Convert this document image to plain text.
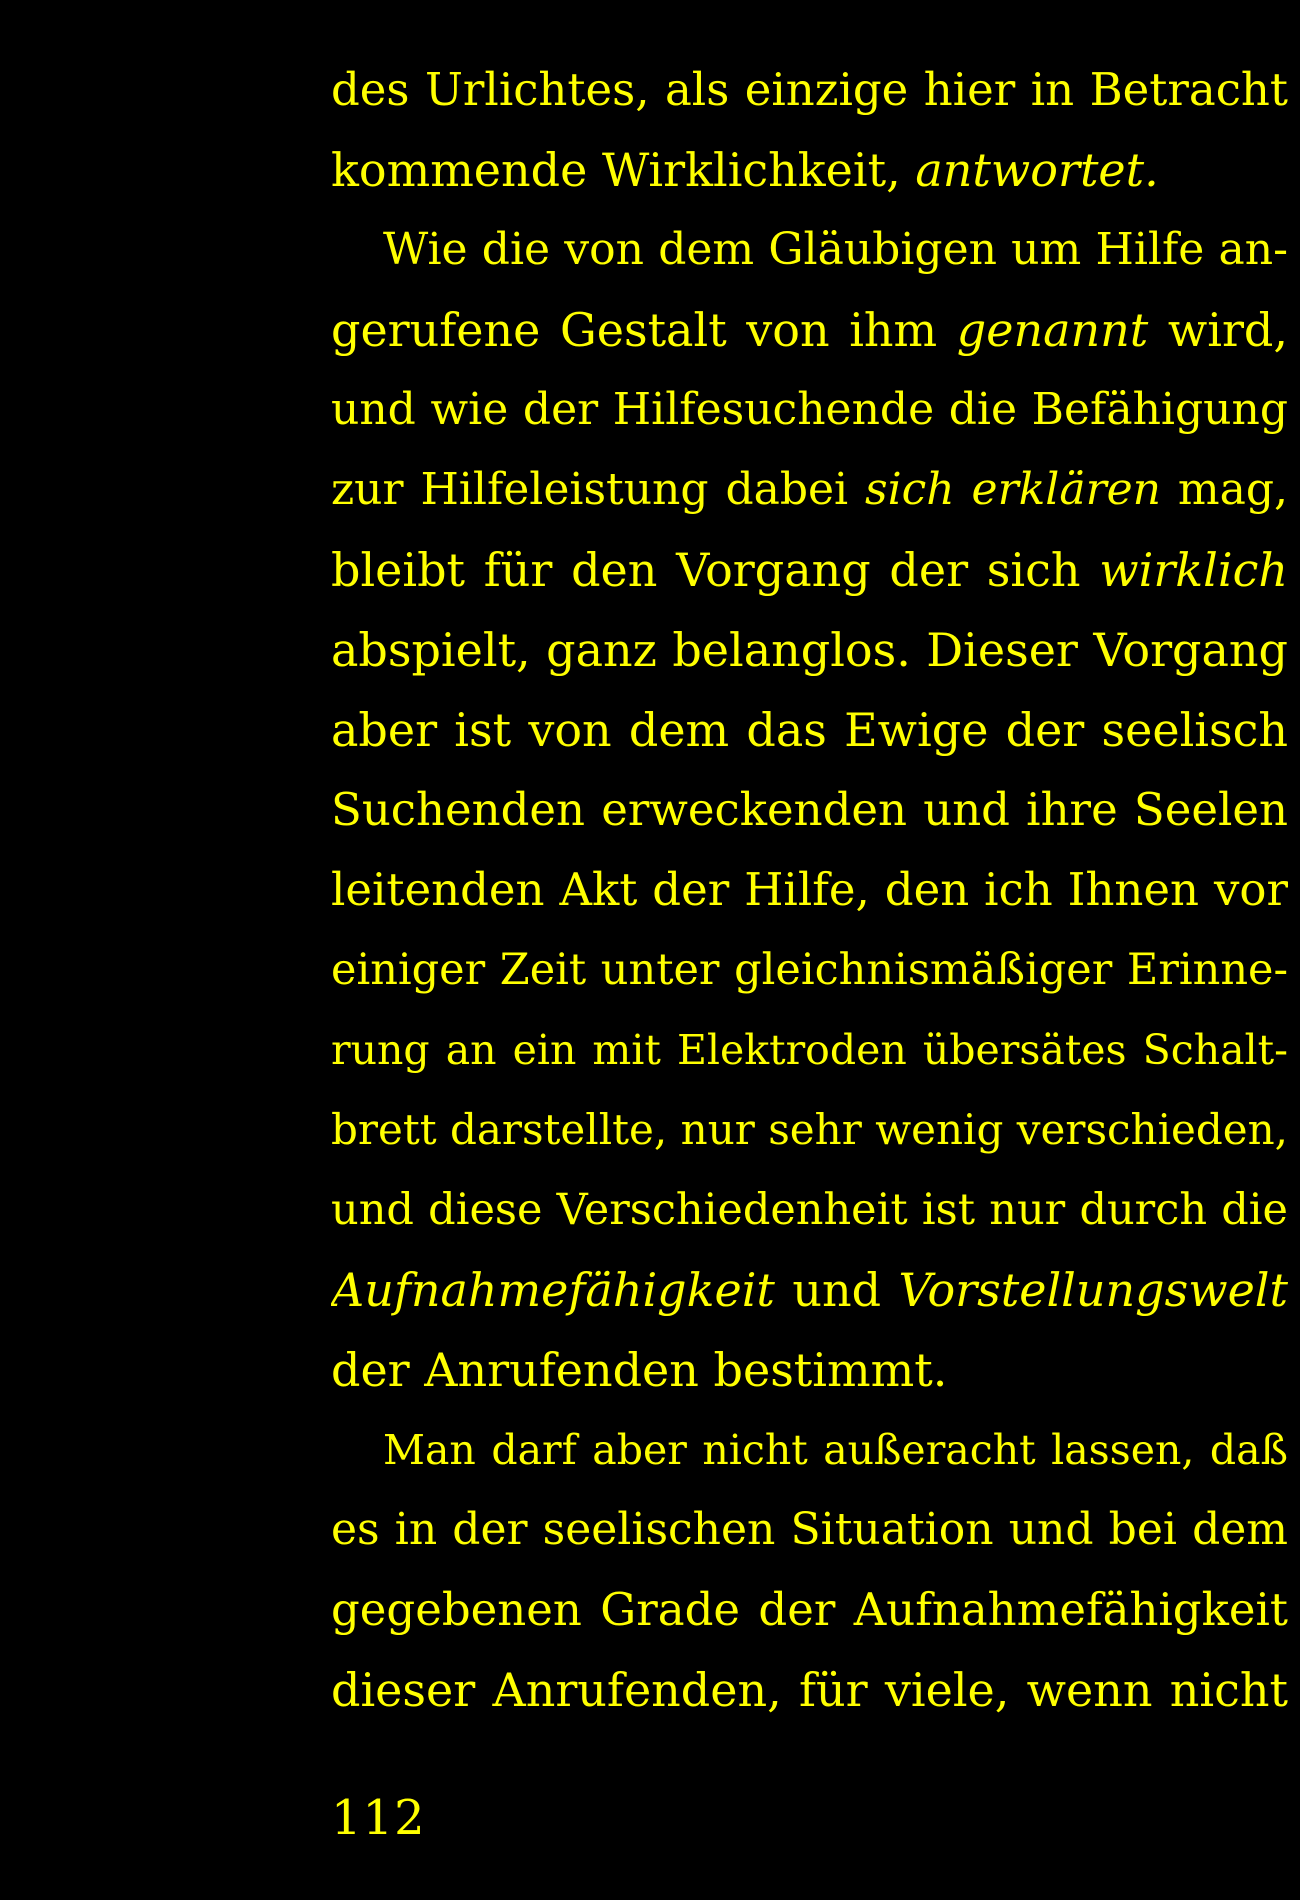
des Urlichtes, als einzige hier in Betracht
kommende Wirklichkeit, antwortet.
Wie die von dem Gläubigen um Hilfe an-
gerufene Gestalt von ihm genannt wird,
und wie der Hilfesuchende die Befähigung
zur Hilfeleistung dabei sich erklären mag,
bleibt für den Vorgang der sich wirklich
abspielt, ganz belanglos. Dieser Vorgang
aber ist von dem das Ewige der seelisch
Suchenden erweckenden und ihre Seelen
leitenden Akt der Hilfe, den ich Ihnen vor
einiger Zeit unter gleichnismäßiger Erinne-
rung an ein mit Elektroden übersätes Schalt-
brett darstellte, nur sehr wenig verschieden,
und diese Verschiedenheit ist nur durch die
Aufnahmefähigkeit und Vorstellungswelt
der Anrufenden bestimmt.
Man darf aber nicht außeracht lassen, daß
es in der seelischen Situation und bei dem
gegebenen Grade der Aufnahmefähigkeit
dieser Anrufenden, für viele, wenn nicht
112
